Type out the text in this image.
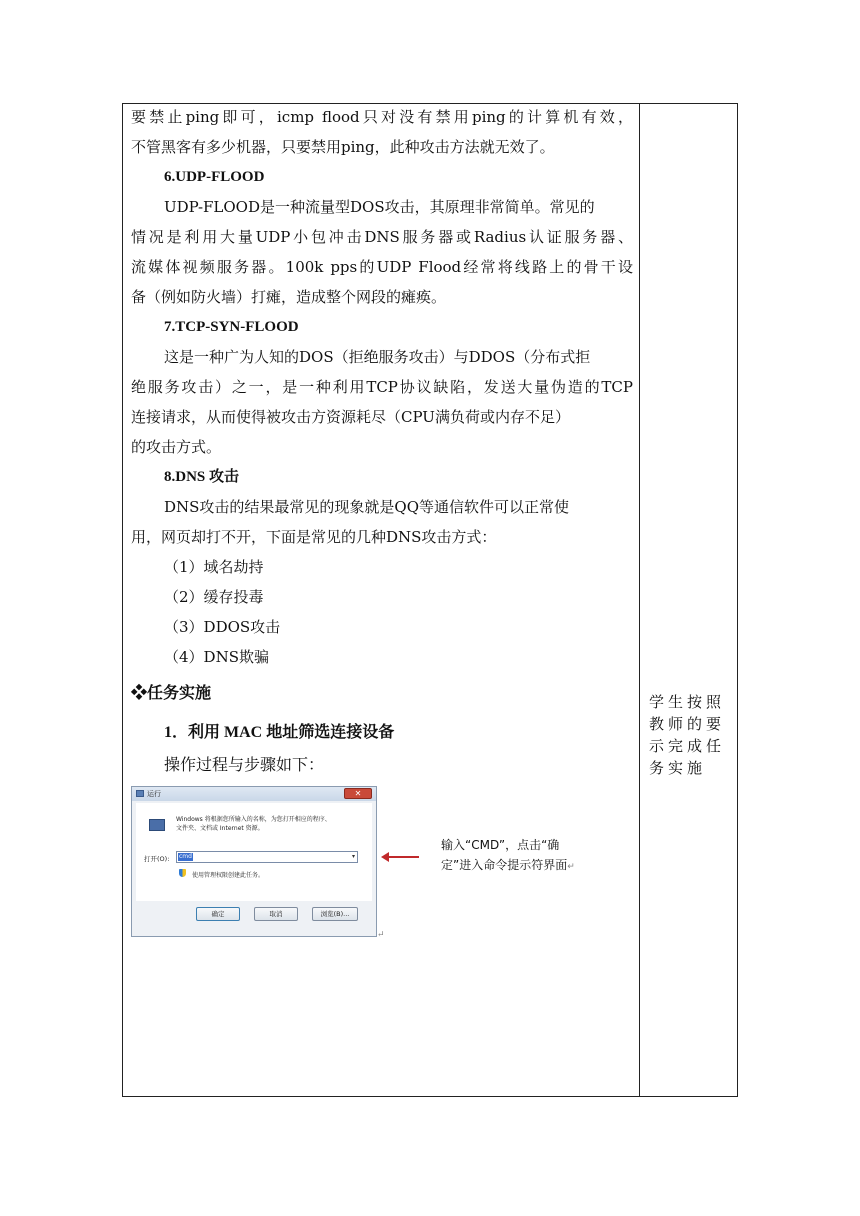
要禁止ping即可，icmp flood只对没有禁用ping的计算机有效，
不管黑客有多少机器，只要禁用ping，此种攻击方法就无效了。
6.UDP-FLOOD
UDP-FLOOD是一种流量型DOS攻击，其原理非常简单。常见的
情况是利用大量UDP小包冲击DNS服务器或Radius认证服务器、
流媒体视频服务器。100k pps的UDP Flood经常将线路上的骨干设
备（例如防火墙）打瘫，造成整个网段的瘫痪。
7.TCP-SYN-FLOOD
这是一种广为人知的DOS（拒绝服务攻击）与DDOS（分布式拒
绝服务攻击）之一，是一种利用TCP协议缺陷，发送大量伪造的TCP
连接请求，从而使得被攻击方资源耗尽（CPU满负荷或内存不足）
的攻击方式。
8.DNS 攻击
DNS攻击的结果最常见的现象就是QQ等通信软件可以正常使
用，网页却打不开，下面是常见的几种DNS攻击方式：
（1）域名劫持
（2）缓存投毒
（3）DDOS攻击
（4）DNS欺骗
❖任务实施
1．利用 MAC 地址筛选连接设备
操作过程与步骤如下：
学生按照
教师的要
示完成任
务实施
运行	✕
Windows 将根据您所输入的名称，为您打开相应的程序、
文件夹、文档或 Internet 资源。
打开(O): cmd	▾
使用管理权限创建此任务。
确定	取消	浏览(B)...
↵
输入“CMD”，点击“确
定”进入命令提示符界面↵
